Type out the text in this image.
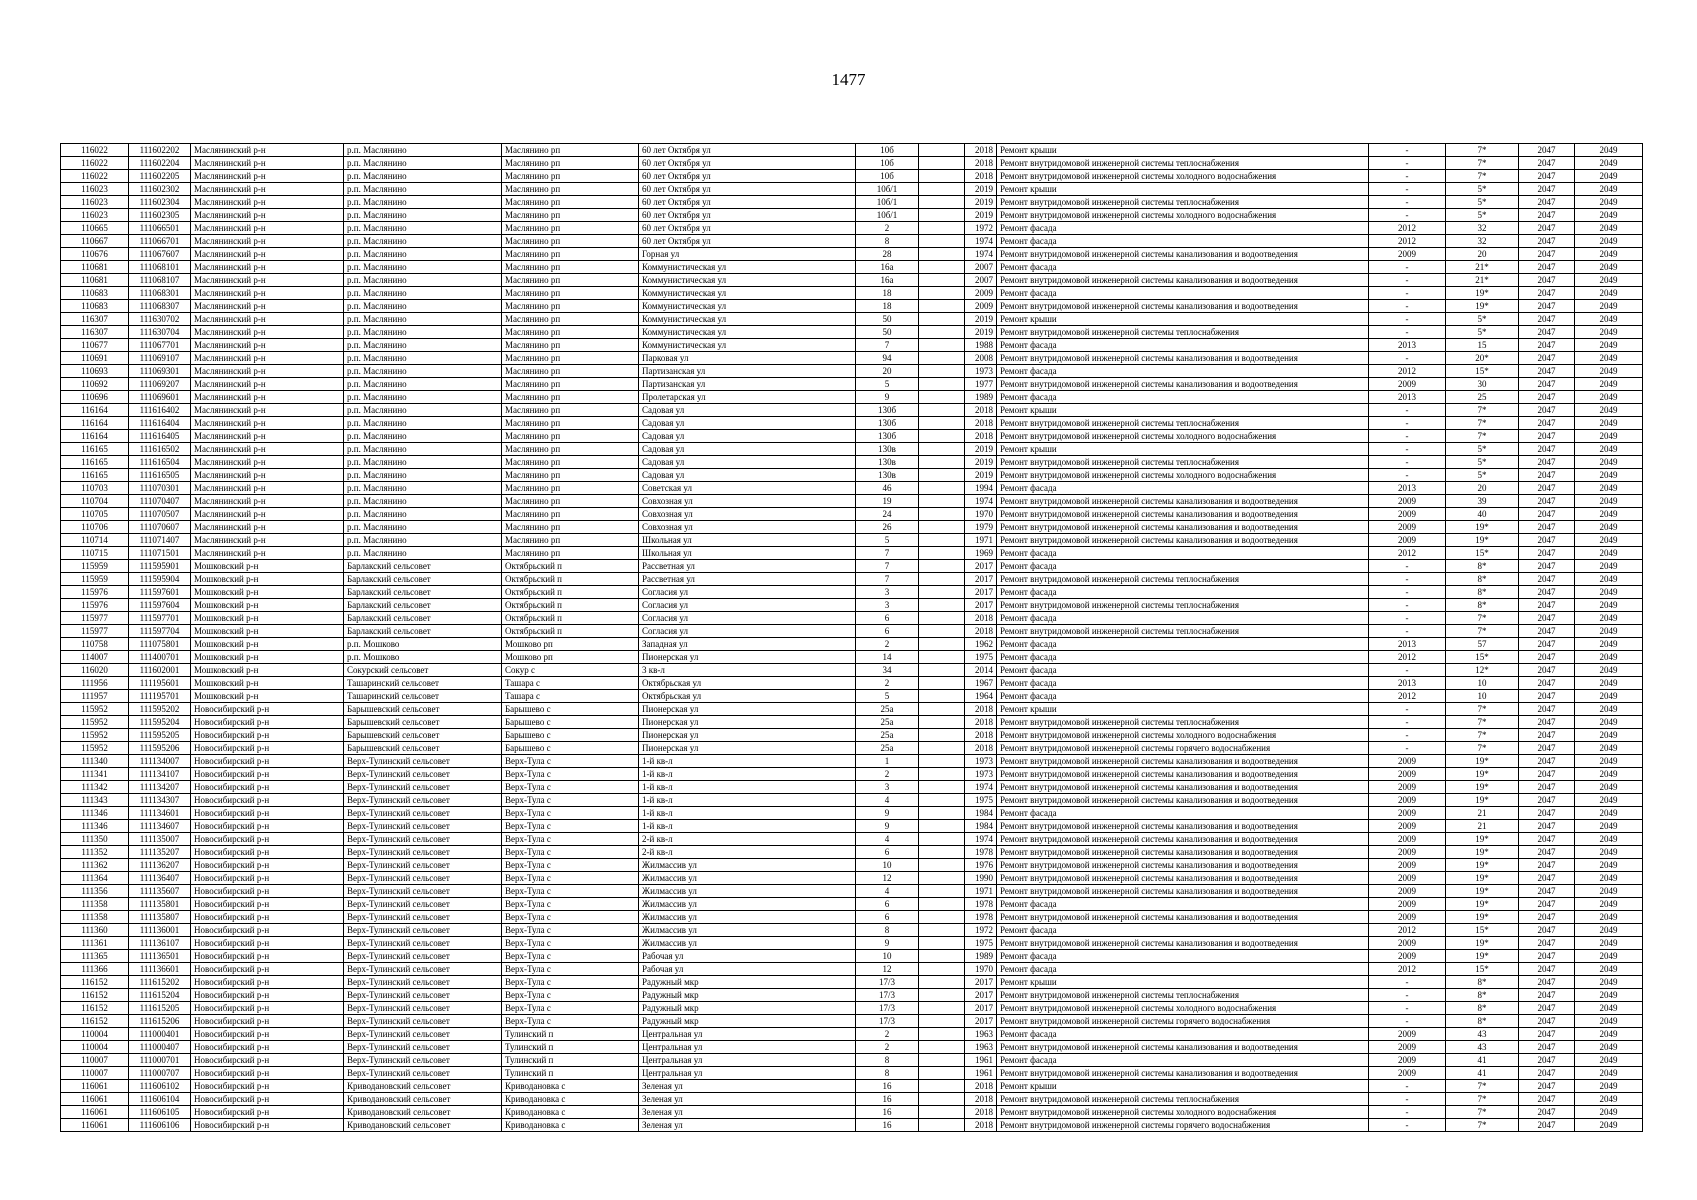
1477
116022	111602202	Маслянинский р-н	р.п. Маслянино	Маслянино рп	60 лет Октября ул	10б		2018	Ремонт крыши	-	7*	2047	2049
116022	111602204	Маслянинский р-н	р.п. Маслянино	Маслянино рп	60 лет Октября ул	10б		2018	Ремонт внутридомовой инженерной системы теплоснабжения	-	7*	2047	2049
116022	111602205	Маслянинский р-н	р.п. Маслянино	Маслянино рп	60 лет Октября ул	10б		2018	Ремонт внутридомовой инженерной системы холодного водоснабжения	-	7*	2047	2049
116023	111602302	Маслянинский р-н	р.п. Маслянино	Маслянино рп	60 лет Октября ул	10б/1		2019	Ремонт крыши	-	5*	2047	2049
116023	111602304	Маслянинский р-н	р.п. Маслянино	Маслянино рп	60 лет Октября ул	10б/1		2019	Ремонт внутридомовой инженерной системы теплоснабжения	-	5*	2047	2049
116023	111602305	Маслянинский р-н	р.п. Маслянино	Маслянино рп	60 лет Октября ул	10б/1		2019	Ремонт внутридомовой инженерной системы холодного водоснабжения	-	5*	2047	2049
110665	111066501	Маслянинский р-н	р.п. Маслянино	Маслянино рп	60 лет Октября ул	2		1972	Ремонт фасада	2012	32	2047	2049
110667	111066701	Маслянинский р-н	р.п. Маслянино	Маслянино рп	60 лет Октября ул	8		1974	Ремонт фасада	2012	32	2047	2049
110676	111067607	Маслянинский р-н	р.п. Маслянино	Маслянино рп	Горная ул	28		1974	Ремонт внутридомовой инженерной системы канализования и водоотведения	2009	20	2047	2049
110681	111068101	Маслянинский р-н	р.п. Маслянино	Маслянино рп	Коммунистическая ул	16а		2007	Ремонт фасада	-	21*	2047	2049
110681	111068107	Маслянинский р-н	р.п. Маслянино	Маслянино рп	Коммунистическая ул	16а		2007	Ремонт внутридомовой инженерной системы канализования и водоотведения	-	21*	2047	2049
110683	111068301	Маслянинский р-н	р.п. Маслянино	Маслянино рп	Коммунистическая ул	18		2009	Ремонт фасада	-	19*	2047	2049
110683	111068307	Маслянинский р-н	р.п. Маслянино	Маслянино рп	Коммунистическая ул	18		2009	Ремонт внутридомовой инженерной системы канализования и водоотведения	-	19*	2047	2049
116307	111630702	Маслянинский р-н	р.п. Маслянино	Маслянино рп	Коммунистическая ул	50		2019	Ремонт крыши	-	5*	2047	2049
116307	111630704	Маслянинский р-н	р.п. Маслянино	Маслянино рп	Коммунистическая ул	50		2019	Ремонт внутридомовой инженерной системы теплоснабжения	-	5*	2047	2049
110677	111067701	Маслянинский р-н	р.п. Маслянино	Маслянино рп	Коммунистическая ул	7		1988	Ремонт фасада	2013	15	2047	2049
110691	111069107	Маслянинский р-н	р.п. Маслянино	Маслянино рп	Парковая ул	94		2008	Ремонт внутридомовой инженерной системы канализования и водоотведения	-	20*	2047	2049
110693	111069301	Маслянинский р-н	р.п. Маслянино	Маслянино рп	Партизанская ул	20		1973	Ремонт фасада	2012	15*	2047	2049
110692	111069207	Маслянинский р-н	р.п. Маслянино	Маслянино рп	Партизанская ул	5		1977	Ремонт внутридомовой инженерной системы канализования и водоотведения	2009	30	2047	2049
110696	111069601	Маслянинский р-н	р.п. Маслянино	Маслянино рп	Пролетарская ул	9		1989	Ремонт фасада	2013	25	2047	2049
116164	111616402	Маслянинский р-н	р.п. Маслянино	Маслянино рп	Садовая ул	130б		2018	Ремонт крыши	-	7*	2047	2049
116164	111616404	Маслянинский р-н	р.п. Маслянино	Маслянино рп	Садовая ул	130б		2018	Ремонт внутридомовой инженерной системы теплоснабжения	-	7*	2047	2049
116164	111616405	Маслянинский р-н	р.п. Маслянино	Маслянино рп	Садовая ул	130б		2018	Ремонт внутридомовой инженерной системы холодного водоснабжения	-	7*	2047	2049
116165	111616502	Маслянинский р-н	р.п. Маслянино	Маслянино рп	Садовая ул	130в		2019	Ремонт крыши	-	5*	2047	2049
116165	111616504	Маслянинский р-н	р.п. Маслянино	Маслянино рп	Садовая ул	130в		2019	Ремонт внутридомовой инженерной системы теплоснабжения	-	5*	2047	2049
116165	111616505	Маслянинский р-н	р.п. Маслянино	Маслянино рп	Садовая ул	130в		2019	Ремонт внутридомовой инженерной системы холодного водоснабжения	-	5*	2047	2049
110703	111070301	Маслянинский р-н	р.п. Маслянино	Маслянино рп	Советская ул	46		1994	Ремонт фасада	2013	20	2047	2049
110704	111070407	Маслянинский р-н	р.п. Маслянино	Маслянино рп	Совхозная ул	19		1974	Ремонт внутридомовой инженерной системы канализования и водоотведения	2009	39	2047	2049
110705	111070507	Маслянинский р-н	р.п. Маслянино	Маслянино рп	Совхозная ул	24		1970	Ремонт внутридомовой инженерной системы канализования и водоотведения	2009	40	2047	2049
110706	111070607	Маслянинский р-н	р.п. Маслянино	Маслянино рп	Совхозная ул	26		1979	Ремонт внутридомовой инженерной системы канализования и водоотведения	2009	19*	2047	2049
110714	111071407	Маслянинский р-н	р.п. Маслянино	Маслянино рп	Школьная ул	5		1971	Ремонт внутридомовой инженерной системы канализования и водоотведения	2009	19*	2047	2049
110715	111071501	Маслянинский р-н	р.п. Маслянино	Маслянино рп	Школьная ул	7		1969	Ремонт фасада	2012	15*	2047	2049
115959	111595901	Мошковский р-н	Барлакский сельсовет	Октябрьский п	Рассветная ул	7		2017	Ремонт фасада	-	8*	2047	2049
115959	111595904	Мошковский р-н	Барлакский сельсовет	Октябрьский п	Рассветная ул	7		2017	Ремонт внутридомовой инженерной системы теплоснабжения	-	8*	2047	2049
115976	111597601	Мошковский р-н	Барлакский сельсовет	Октябрьский п	Согласия ул	3		2017	Ремонт фасада	-	8*	2047	2049
115976	111597604	Мошковский р-н	Барлакский сельсовет	Октябрьский п	Согласия ул	3		2017	Ремонт внутридомовой инженерной системы теплоснабжения	-	8*	2047	2049
115977	111597701	Мошковский р-н	Барлакский сельсовет	Октябрьский п	Согласия ул	6		2018	Ремонт фасада	-	7*	2047	2049
115977	111597704	Мошковский р-н	Барлакский сельсовет	Октябрьский п	Согласия ул	6		2018	Ремонт внутридомовой инженерной системы теплоснабжения	-	7*	2047	2049
110758	111075801	Мошковский р-н	р.п. Мошково	Мошково рп	Западная ул	2		1962	Ремонт фасада	2013	57	2047	2049
114007	111400701	Мошковский р-н	р.п. Мошково	Мошково рп	Пионерская ул	14		1975	Ремонт фасада	2012	15*	2047	2049
116020	111602001	Мошковский р-н	Сокурский сельсовет	Сокур с	3 кв-л	34		2014	Ремонт фасада	-	12*	2047	2049
111956	111195601	Мошковский р-н	Ташаринский сельсовет	Ташара с	Октябрьская ул	2		1967	Ремонт фасада	2013	10	2047	2049
111957	111195701	Мошковский р-н	Ташаринский сельсовет	Ташара с	Октябрьская ул	5		1964	Ремонт фасада	2012	10	2047	2049
115952	111595202	Новосибирский р-н	Барышевский сельсовет	Барышево с	Пионерская ул	25а		2018	Ремонт крыши	-	7*	2047	2049
115952	111595204	Новосибирский р-н	Барышевский сельсовет	Барышево с	Пионерская ул	25а		2018	Ремонт внутридомовой инженерной системы теплоснабжения	-	7*	2047	2049
115952	111595205	Новосибирский р-н	Барышевский сельсовет	Барышево с	Пионерская ул	25а		2018	Ремонт внутридомовой инженерной системы холодного водоснабжения	-	7*	2047	2049
115952	111595206	Новосибирский р-н	Барышевский сельсовет	Барышево с	Пионерская ул	25а		2018	Ремонт внутридомовой инженерной системы горячего водоснабжения	-	7*	2047	2049
111340	111134007	Новосибирский р-н	Верх-Тулинский сельсовет	Верх-Тула с	1-й кв-л	1		1973	Ремонт внутридомовой инженерной системы канализования и водоотведения	2009	19*	2047	2049
111341	111134107	Новосибирский р-н	Верх-Тулинский сельсовет	Верх-Тула с	1-й кв-л	2		1973	Ремонт внутридомовой инженерной системы канализования и водоотведения	2009	19*	2047	2049
111342	111134207	Новосибирский р-н	Верх-Тулинский сельсовет	Верх-Тула с	1-й кв-л	3		1974	Ремонт внутридомовой инженерной системы канализования и водоотведения	2009	19*	2047	2049
111343	111134307	Новосибирский р-н	Верх-Тулинский сельсовет	Верх-Тула с	1-й кв-л	4		1975	Ремонт внутридомовой инженерной системы канализования и водоотведения	2009	19*	2047	2049
111346	111134601	Новосибирский р-н	Верх-Тулинский сельсовет	Верх-Тула с	1-й кв-л	9		1984	Ремонт фасада	2009	21	2047	2049
111346	111134607	Новосибирский р-н	Верх-Тулинский сельсовет	Верх-Тула с	1-й кв-л	9		1984	Ремонт внутридомовой инженерной системы канализования и водоотведения	2009	21	2047	2049
111350	111135007	Новосибирский р-н	Верх-Тулинский сельсовет	Верх-Тула с	2-й кв-л	4		1974	Ремонт внутридомовой инженерной системы канализования и водоотведения	2009	19*	2047	2049
111352	111135207	Новосибирский р-н	Верх-Тулинский сельсовет	Верх-Тула с	2-й кв-л	6		1978	Ремонт внутридомовой инженерной системы канализования и водоотведения	2009	19*	2047	2049
111362	111136207	Новосибирский р-н	Верх-Тулинский сельсовет	Верх-Тула с	Жилмассив ул	10		1976	Ремонт внутридомовой инженерной системы канализования и водоотведения	2009	19*	2047	2049
111364	111136407	Новосибирский р-н	Верх-Тулинский сельсовет	Верх-Тула с	Жилмассив ул	12		1990	Ремонт внутридомовой инженерной системы канализования и водоотведения	2009	19*	2047	2049
111356	111135607	Новосибирский р-н	Верх-Тулинский сельсовет	Верх-Тула с	Жилмассив ул	4		1971	Ремонт внутридомовой инженерной системы канализования и водоотведения	2009	19*	2047	2049
111358	111135801	Новосибирский р-н	Верх-Тулинский сельсовет	Верх-Тула с	Жилмассив ул	6		1978	Ремонт фасада	2009	19*	2047	2049
111358	111135807	Новосибирский р-н	Верх-Тулинский сельсовет	Верх-Тула с	Жилмассив ул	6		1978	Ремонт внутридомовой инженерной системы канализования и водоотведения	2009	19*	2047	2049
111360	111136001	Новосибирский р-н	Верх-Тулинский сельсовет	Верх-Тула с	Жилмассив ул	8		1972	Ремонт фасада	2012	15*	2047	2049
111361	111136107	Новосибирский р-н	Верх-Тулинский сельсовет	Верх-Тула с	Жилмассив ул	9		1975	Ремонт внутридомовой инженерной системы канализования и водоотведения	2009	19*	2047	2049
111365	111136501	Новосибирский р-н	Верх-Тулинский сельсовет	Верх-Тула с	Рабочая ул	10		1989	Ремонт фасада	2009	19*	2047	2049
111366	111136601	Новосибирский р-н	Верх-Тулинский сельсовет	Верх-Тула с	Рабочая ул	12		1970	Ремонт фасада	2012	15*	2047	2049
116152	111615202	Новосибирский р-н	Верх-Тулинский сельсовет	Верх-Тула с	Радужный мкр	17/3		2017	Ремонт крыши	-	8*	2047	2049
116152	111615204	Новосибирский р-н	Верх-Тулинский сельсовет	Верх-Тула с	Радужный мкр	17/3		2017	Ремонт внутридомовой инженерной системы теплоснабжения	-	8*	2047	2049
116152	111615205	Новосибирский р-н	Верх-Тулинский сельсовет	Верх-Тула с	Радужный мкр	17/3		2017	Ремонт внутридомовой инженерной системы холодного водоснабжения	-	8*	2047	2049
116152	111615206	Новосибирский р-н	Верх-Тулинский сельсовет	Верх-Тула с	Радужный мкр	17/3		2017	Ремонт внутридомовой инженерной системы горячего водоснабжения	-	8*	2047	2049
110004	111000401	Новосибирский р-н	Верх-Тулинский сельсовет	Тулинский п	Центральная ул	2		1963	Ремонт фасада	2009	43	2047	2049
110004	111000407	Новосибирский р-н	Верх-Тулинский сельсовет	Тулинский п	Центральная ул	2		1963	Ремонт внутридомовой инженерной системы канализования и водоотведения	2009	43	2047	2049
110007	111000701	Новосибирский р-н	Верх-Тулинский сельсовет	Тулинский п	Центральная ул	8		1961	Ремонт фасада	2009	41	2047	2049
110007	111000707	Новосибирский р-н	Верх-Тулинский сельсовет	Тулинский п	Центральная ул	8		1961	Ремонт внутридомовой инженерной системы канализования и водоотведения	2009	41	2047	2049
116061	111606102	Новосибирский р-н	Криводановский сельсовет	Криводановка с	Зеленая ул	16		2018	Ремонт крыши	-	7*	2047	2049
116061	111606104	Новосибирский р-н	Криводановский сельсовет	Криводановка с	Зеленая ул	16		2018	Ремонт внутридомовой инженерной системы теплоснабжения	-	7*	2047	2049
116061	111606105	Новосибирский р-н	Криводановский сельсовет	Криводановка с	Зеленая ул	16		2018	Ремонт внутридомовой инженерной системы холодного водоснабжения	-	7*	2047	2049
116061	111606106	Новосибирский р-н	Криводановский сельсовет	Криводановка с	Зеленая ул	16		2018	Ремонт внутридомовой инженерной системы горячего водоснабжения	-	7*	2047	2049
